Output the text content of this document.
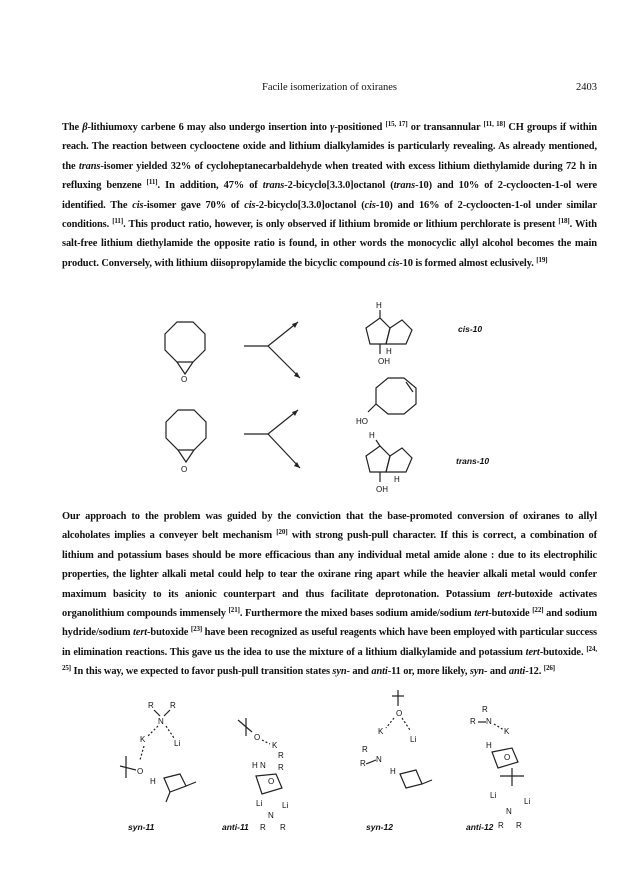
Facile isomerization of oxiranes	2403

The β-lithiumoxy carbene 6 may also undergo insertion into γ-positioned [15, 17] or transannular [11, 18] CH groups if within reach. The reaction between cyclooctene oxide and lithium dialkylamides is particularly revealing. As already mentioned, the trans-isomer yielded 32% of cycloheptanecarbaldehyde when treated with excess lithium diethylamide during 72 h in refluxing benzene [11]. In addition, 47% of trans-2-bicyclo[3.3.0]octanol (trans-10) and 10% of 2-cycloocten-1-ol were identified. The cis-isomer gave 70% of cis-2-bicyclo[3.3.0]octanol (cis-10) and 16% of 2-cycloocten-1-ol under similar conditions. [11]. This product ratio, however, is only observed if lithium bromide or lithium perchlorate is present [18]. With salt-free lithium diethylamide the opposite ratio is found, in other words the monocyclic allyl alcohol becomes the main product. Conversely, with lithium diisopropylamide the bicyclic compound cis-10 is formed almost eclusively. [19]

O
O
H
H
OH
cis-10
HO
H
H
OH
trans-10

Our approach to the problem was guided by the conviction that the base-promoted conversion of oxiranes to allyl alcoholates implies a conveyer belt mechanism [20] with strong push-pull character. If this is correct, a combination of lithium and potassium bases should be more efficacious than any individual metal amide alone : due to its electrophilic properties, the lighter alkali metal could help to tear the oxirane ring apart while the heavier alkali metal would confer maximum basicity to its anionic counterpart and thus facilitate deprotonation. Potassium tert-butoxide activates organolithium compounds immensely [21]. Furthermore the mixed bases sodium amide/sodium tert-butoxide [22] and sodium hydride/sodium tert-butoxide [23] have been recognized as useful reagents which have been employed with particular success in elimination reactions. This gave us the idea to use the mixture of a lithium dialkylamide and potassium tert-butoxide. [24, 25] In this way, we expected to favor push-pull transition states syn- and anti-11 or, more likely, syn- and anti-12. [26]

R R
N
K	Li
O
H
syn-11
O
K
R
H N R
O
Li Li
N
R R
anti-11
O
K
Li
R
R N
H
syn-12
R
R N
K
H
O
Li
Li
N
R R
anti-12
